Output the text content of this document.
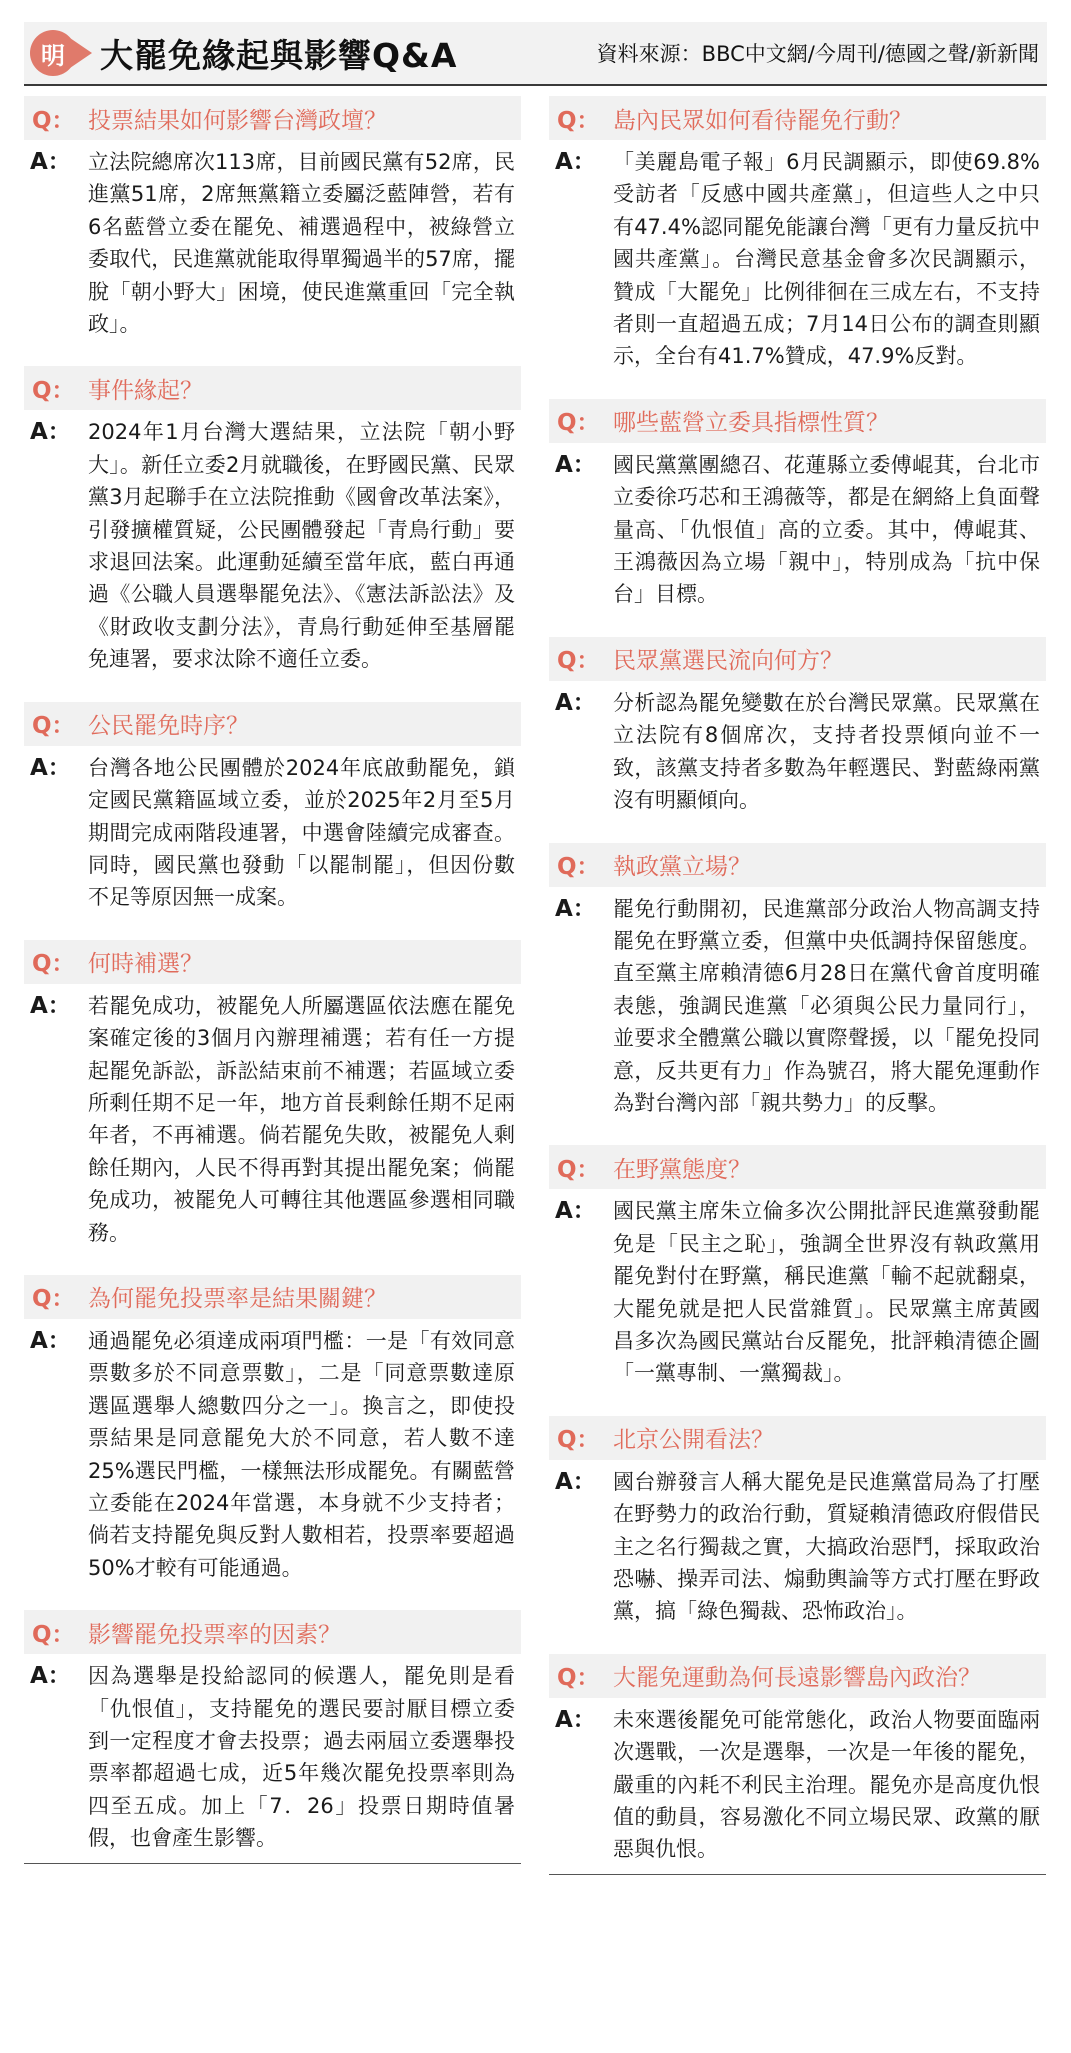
明	大罷免緣起與影響Q&A	資料來源：BBC中文網/今周刊/德國之聲/新新聞
Q： 投票結果如何影響台灣政壇？
A： 立法院總席次113席，目前國民黨有52席，民進黨51席，2席無黨籍立委屬泛藍陣營，若有6名藍營立委在罷免、補選過程中，被綠營立委取代，民進黨就能取得單獨過半的57席，擺脫「朝小野大」困境，使民進黨重回「完全執政」。
Q： 事件緣起？
A： 2024年1月台灣大選結果，立法院「朝小野大」。新任立委2月就職後，在野國民黨、民眾黨3月起聯手在立法院推動《國會改革法案》，引發擴權質疑，公民團體發起「青鳥行動」要求退回法案。此運動延續至當年底，藍白再通過《公職人員選舉罷免法》、《憲法訴訟法》及《財政收支劃分法》，青鳥行動延伸至基層罷免連署，要求汰除不適任立委。
Q： 公民罷免時序？
A： 台灣各地公民團體於2024年底啟動罷免，鎖定國民黨籍區域立委，並於2025年2月至5月期間完成兩階段連署，中選會陸續完成審查。同時，國民黨也發動「以罷制罷」，但因份數不足等原因無一成案。
Q： 何時補選？
A： 若罷免成功，被罷免人所屬選區依法應在罷免案確定後的3個月內辦理補選；若有任一方提起罷免訴訟，訴訟結束前不補選；若區域立委所剩任期不足一年，地方首長剩餘任期不足兩年者，不再補選。倘若罷免失敗，被罷免人剩餘任期內，人民不得再對其提出罷免案；倘罷免成功，被罷免人可轉往其他選區參選相同職務。
Q： 為何罷免投票率是結果關鍵？
A： 通過罷免必須達成兩項門檻：一是「有效同意票數多於不同意票數」，二是「同意票數達原選區選舉人總數四分之一」。換言之，即使投票結果是同意罷免大於不同意，若人數不達25%選民門檻，一樣無法形成罷免。有關藍營立委能在2024年當選，本身就不少支持者；倘若支持罷免與反對人數相若，投票率要超過50%才較有可能通過。
Q： 影響罷免投票率的因素？
A： 因為選舉是投給認同的候選人，罷免則是看「仇恨值」，支持罷免的選民要討厭目標立委到一定程度才會去投票；過去兩屆立委選舉投票率都超過七成，近5年幾次罷免投票率則為四至五成。加上「7．26」投票日期時值暑假，也會產生影響。
Q： 島內民眾如何看待罷免行動？
A： 「美麗島電子報」6月民調顯示，即使69.8%受訪者「反感中國共產黨」，但這些人之中只有47.4%認同罷免能讓台灣「更有力量反抗中國共產黨」。台灣民意基金會多次民調顯示，贊成「大罷免」比例徘徊在三成左右，不支持者則一直超過五成；7月14日公布的調查則顯示，全台有41.7%贊成，47.9%反對。
Q： 哪些藍營立委具指標性質？
A： 國民黨黨團總召、花蓮縣立委傅崐萁，台北市立委徐巧芯和王鴻薇等，都是在網絡上負面聲量高、「仇恨值」高的立委。其中，傅崐萁、王鴻薇因為立場「親中」，特別成為「抗中保台」目標。
Q： 民眾黨選民流向何方？
A： 分析認為罷免變數在於台灣民眾黨。民眾黨在立法院有8個席次，支持者投票傾向並不一致，該黨支持者多數為年輕選民、對藍綠兩黨沒有明顯傾向。
Q： 執政黨立場？
A： 罷免行動開初，民進黨部分政治人物高調支持罷免在野黨立委，但黨中央低調持保留態度。直至黨主席賴清德6月28日在黨代會首度明確表態，強調民進黨「必須與公民力量同行」，並要求全體黨公職以實際聲援，以「罷免投同意，反共更有力」作為號召，將大罷免運動作為對台灣內部「親共勢力」的反擊。
Q： 在野黨態度？
A： 國民黨主席朱立倫多次公開批評民進黨發動罷免是「民主之恥」，強調全世界沒有執政黨用罷免對付在野黨，稱民進黨「輸不起就翻桌，大罷免就是把人民當雜質」。民眾黨主席黃國昌多次為國民黨站台反罷免，批評賴清德企圖「一黨專制、一黨獨裁」。
Q： 北京公開看法？
A： 國台辦發言人稱大罷免是民進黨當局為了打壓在野勢力的政治行動，質疑賴清德政府假借民主之名行獨裁之實，大搞政治惡鬥，採取政治恐嚇、操弄司法、煽動輿論等方式打壓在野政黨，搞「綠色獨裁、恐怖政治」。
Q： 大罷免運動為何長遠影響島內政治？
A： 未來選後罷免可能常態化，政治人物要面臨兩次選戰，一次是選舉，一次是一年後的罷免，嚴重的內耗不利民主治理。罷免亦是高度仇恨值的動員，容易激化不同立場民眾、政黨的厭惡與仇恨。
